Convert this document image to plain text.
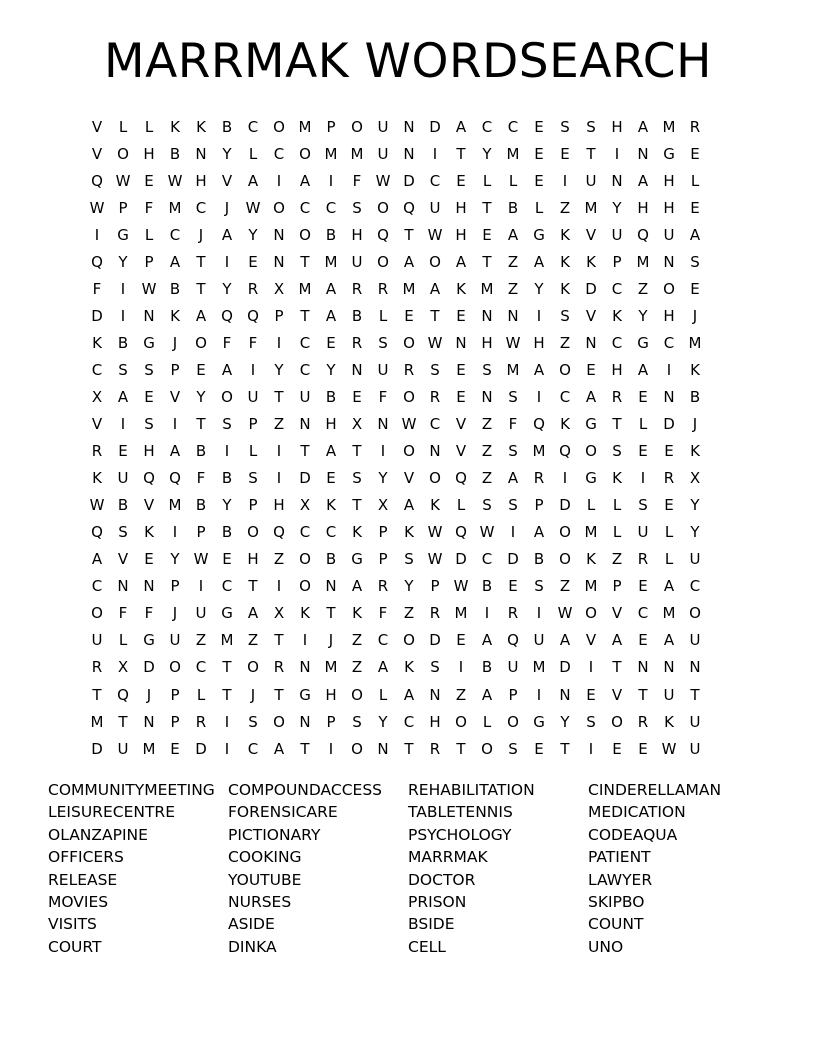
MARRMAK WORDSEARCH
V	L	L	K	K	B	C O M	P	O U N D	A	C	C	E	S	S	H	A M R
V O H	B	N	Y	L	C O M M U N	I	T	Y M E	E	T	I	N G	E
Q W E W H	V	A	I	A	I	F W D C	E	L	L	E	I	U N	A	H	L
W P	F	M C	J	W O C	C	S	O Q U H	T	B	L	Z M Y	H H	E
I	G	L	C	J	A	Y	N O B	H Q	T W H	E	A	G	K	V	U Q U	A
Q	Y	P	A	T	I	E	N	T M U O A O A	T	Z	A	K	K	P	M N	S
F	I	W B	T	Y	R	X M A	R	R M A	K M Z	Y	K	D C	Z O	E
D	I	N	K	A Q Q	P	T	A	B	L	E	T	E	N N	I	S	V	K	Y	H	J
K	B	G	J	O	F	F	I	C	E	R	S	O W N H W H	Z	N	C G C M
C	S	S	P	E	A	I	Y	C	Y	N U	R	S	E	S M A O	E	H	A	I	K
X	A	E	V	Y	O U	T	U	B	E	F	O R	E	N	S	I	C	A	R	E	N	B
V	I	S	I	T	S	P	Z	N H	X	N W C	V	Z	F	Q	K	G	T	L	D	J
R	E	H	A	B	I	L	I	T	A	T	I	O N	V	Z	S M Q O	S	E	E	K
K	U Q Q	F	B	S	I	D	E	S	Y	V O Q Z	A	R	I	G	K	I	R	X
W B	V M B	Y	P	H	X	K	T	X	A	K	L	S	S	P	D	L	L	S	E	Y
Q	S	K	I	P	B O Q C	C	K	P	K W Q W	I	A O M	L	U	L	Y
A	V	E	Y W E	H	Z O B	G	P	S W D C D	B O	K	Z	R	L	U
C	N N	P	I	C	T	I	O N	A	R	Y	P W B	E	S	Z M	P	E	A	C
O	F	F	J	U G	A	X	K	T	K	F	Z	R M	I	R	I	W O V	C M O
U	L	G U	Z M Z	T	I	J	Z	C O D	E	A Q U	A	V	A	E	A	U
R	X	D O C	T	O R	N M Z	A	K	S	I	B	U M D	I	T	N N N
T	Q	J	P	L	T	J	T	G H O	L	A	N	Z	A	P	I	N	E	V	T	U	T
M T	N	P	R	I	S	O N	P	S	Y	C	H O	L	O G	Y	S	O R	K	U
D U M E	D	I	C	A	T	I	O N	T	R	T	O	S	E	T	I	E	E W U
COMMUNITYMEETING COMPOUNDACCESS	REHABILITATION	CINDERELLAMAN
LEISURECENTRE	FORENSICARE	TABLETENNIS	MEDICATION
OLANZAPINE	PICTIONARY	PSYCHOLOGY	CODEAQUA
OFFICERS	COOKING	MARRMAK	PATIENT
RELEASE	YOUTUBE	DOCTOR	LAWYER
MOVIES	NURSES	PRISON	SKIPBO
VISITS	ASIDE	BSIDE	COUNT
COURT	DINKA	CELL	UNO
